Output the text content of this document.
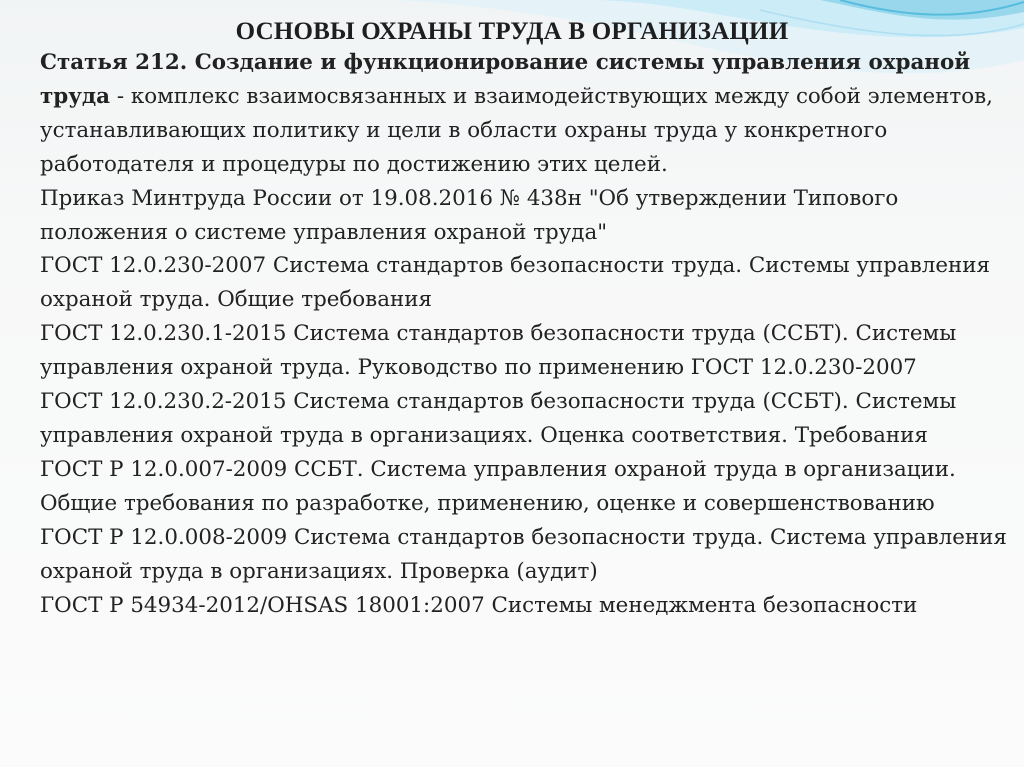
ОСНОВЫ ОХРАНЫ ТРУДА В ОРГАНИЗАЦИИ

Статья 212. Создание и функционирование системы управления охраной труда - комплекс взаимосвязанных и взаимодействующих между собой элементов, устанавливающих политику и цели в области охраны труда у конкретного работодателя и процедуры по достижению этих целей.

Приказ Минтруда России от 19.08.2016 № 438н "Об утверждении Типового положения о системе управления охраной труда"

ГОСТ 12.0.230-2007 Система стандартов безопасности труда. Системы управления охраной труда. Общие требования

ГОСТ 12.0.230.1-2015 Система стандартов безопасности труда (ССБТ). Системы управления охраной труда. Руководство по применению ГОСТ 12.0.230-2007

ГОСТ 12.0.230.2-2015 Система стандартов безопасности труда (ССБТ). Системы управления охраной труда в организациях. Оценка соответствия. Требования

ГОСТ Р 12.0.007-2009 ССБТ. Система управления охраной труда в организации. Общие требования по разработке, применению, оценке и совершенствованию

ГОСТ Р 12.0.008-2009 Система стандартов безопасности труда. Система управления охраной труда в организациях. Проверка (аудит)

ГОСТ Р 54934-2012/OHSAS 18001:2007 Системы менеджмента безопасности
